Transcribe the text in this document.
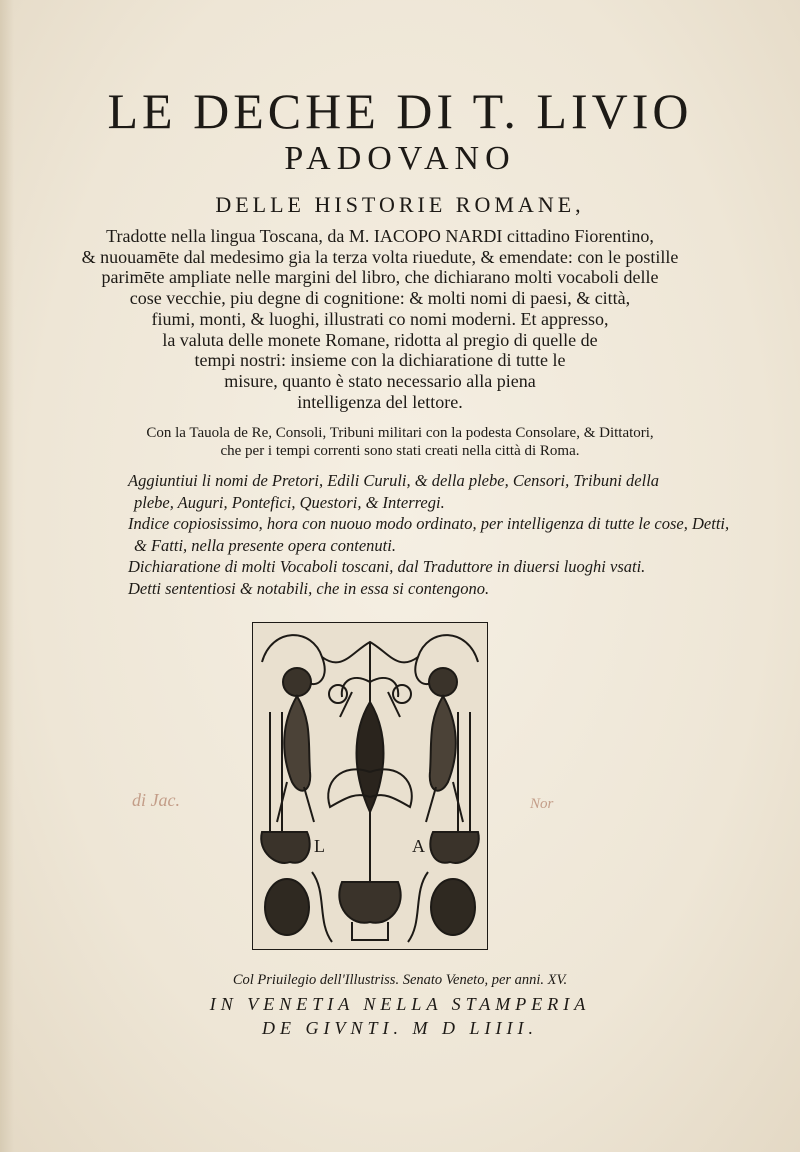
LE DECHE DI T. LIVIO
PADOVANO
DELLE HISTORIE ROMANE,
Tradotte nella lingua Toscana, da M. IACOPO NARDI cittadino Fiorentino,
& nuouamēte dal medesimo gia la terza volta riuedute, & emendate: con le postille
parimēte ampliate nelle margini del libro, che dichiarano molti vocaboli delle
cose vecchie, piu degne di cognitione: & molti nomi di paesi, & città,
fiumi, monti, & luoghi, illustrati co nomi moderni. Et appresso,
la valuta delle monete Romane, ridotta al pregio di quelle de
tempi nostri: insieme con la dichiaratione di tutte le
misure, quanto è stato necessario alla piena
intelligenza del lettore.
Con la Tauola de Re, Consoli, Tribuni militari con la podesta Consolare, & Dittatori,
che per i tempi correnti sono stati creati nella città di Roma.
Aggiuntiui li nomi de Pretori, Edili Curuli, & della plebe, Censori, Tribuni della
plebe, Auguri, Pontefici, Questori, & Interregi.
Indice copiosissimo, hora con nuouo modo ordinato, per intelligenza di tutte le cose, Detti,
& Fatti, nella presente opera contenuti.
Dichiaratione di molti Vocaboli toscani, dal Traduttore in diuersi luoghi vsati.
Detti sententiosi & notabili, che in essa si contengono.
di Jac.	Nor
L	A
Col Priuilegio dell'Illustriss. Senato Veneto, per anni. XV.
IN VENETIA NELLA STAMPERIA
DE GIVNTI. M D LIIII.
